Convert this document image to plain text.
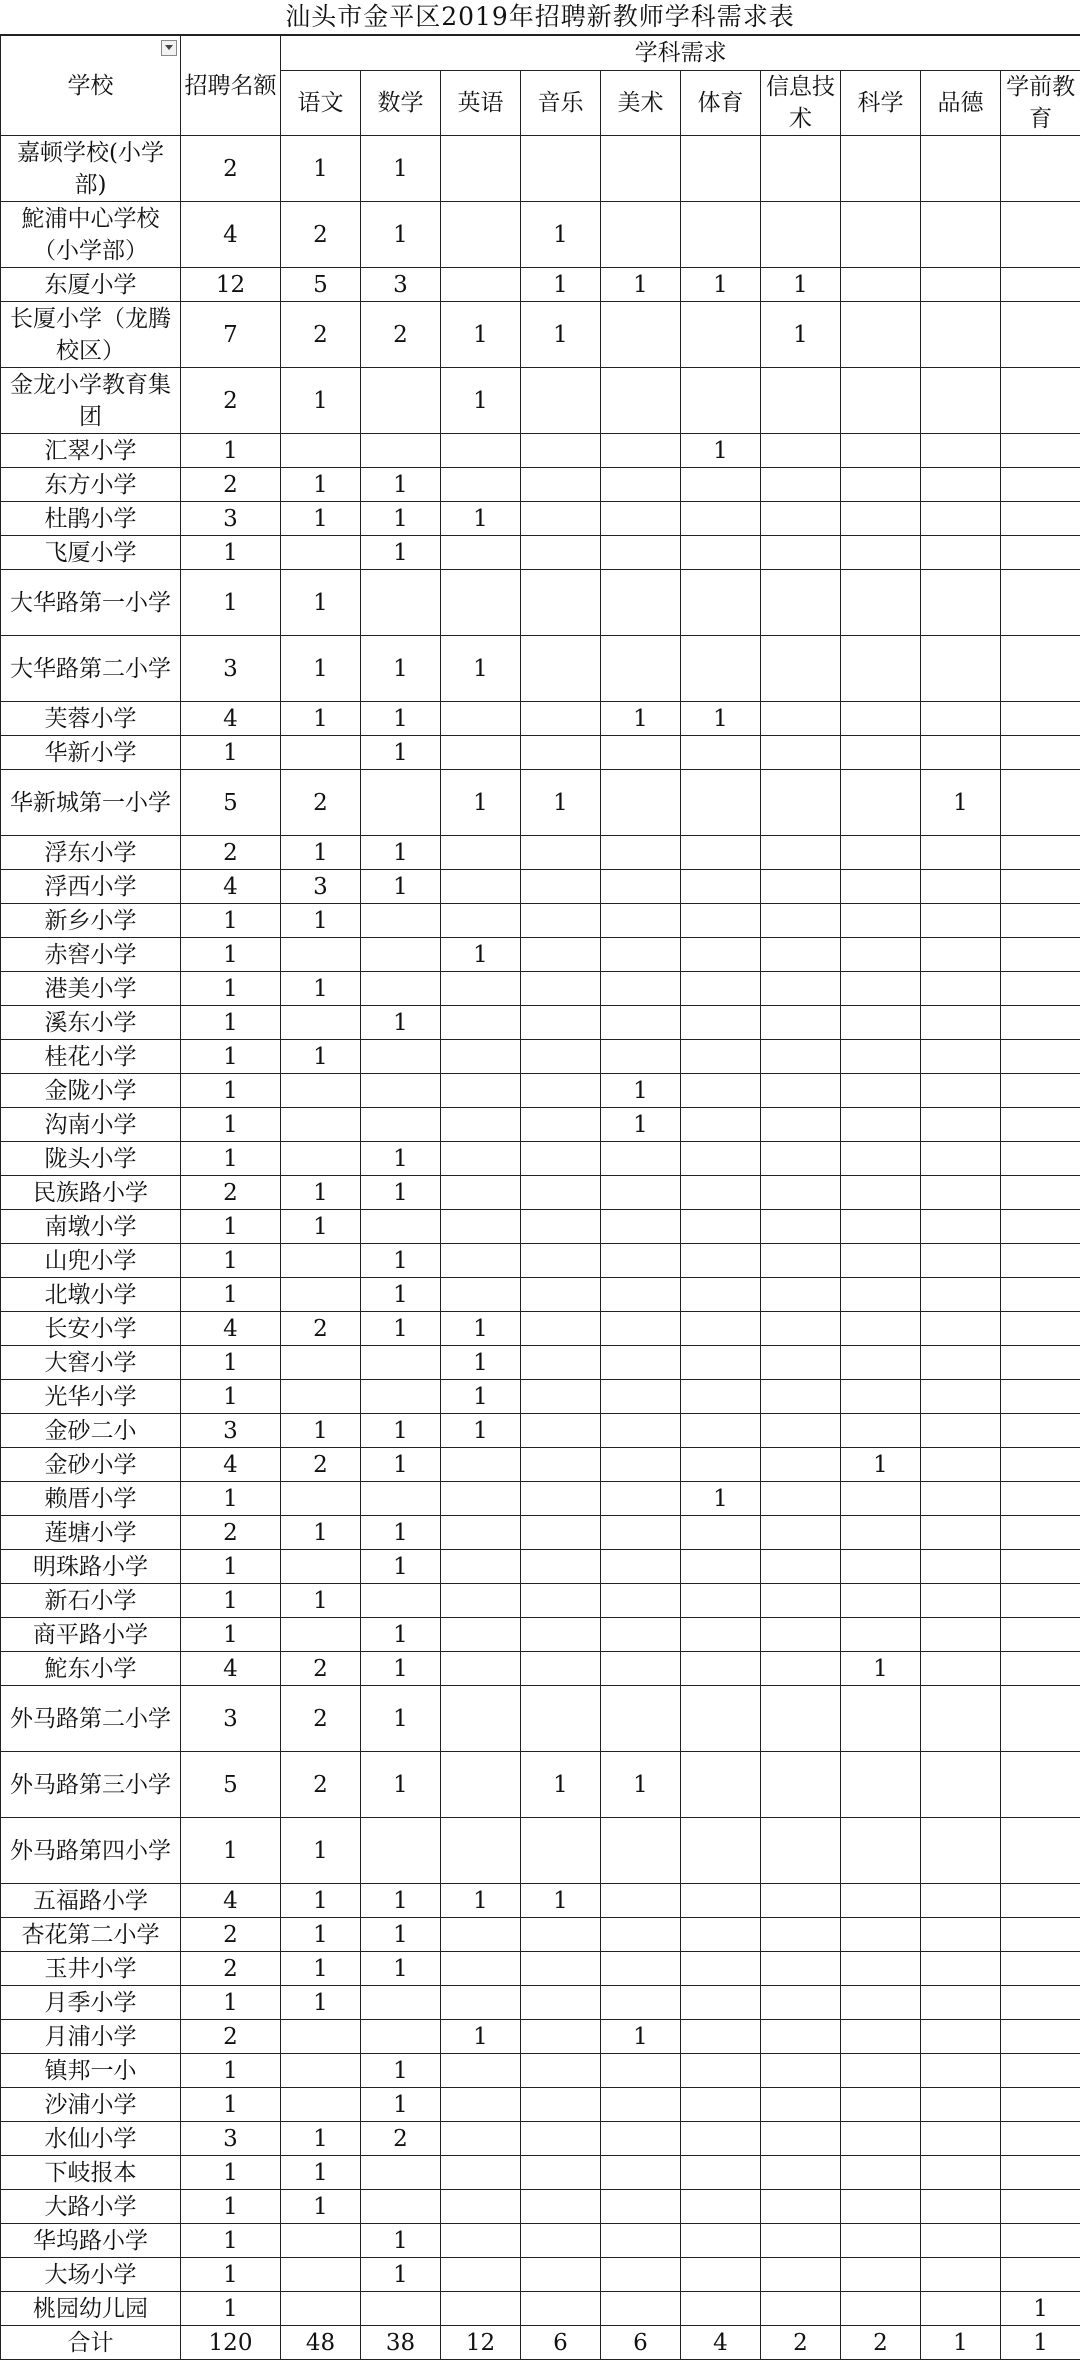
汕头市金平区2019年招聘新教师学科需求表
学校	招聘名额	学科需求									
		语文	数学	英语	音乐	美术	体育	信息技术	科学	品德	学前教育
嘉顿学校(小学部)	2	1	1								
鮀浦中心学校（小学部）	4	2	1		1						
东厦小学	12	5	3		1	1	1	1			
长厦小学（龙腾校区）	7	2	2	1	1			1			
金龙小学教育集团	2	1		1							
汇翠小学	1						1				
东方小学	2	1	1								
杜鹃小学	3	1	1	1							
飞厦小学	1		1								
大华路第一小学	1	1									
大华路第二小学	3	1	1	1							
芙蓉小学	4	1	1			1	1				
华新小学	1		1								
华新城第一小学	5	2		1	1					1	
浮东小学	2	1	1								
浮西小学	4	3	1								
新乡小学	1	1									
赤窖小学	1			1							
港美小学	1	1									
溪东小学	1		1								
桂花小学	1	1									
金陇小学	1					1					
沟南小学	1					1					
陇头小学	1		1								
民族路小学	2	1	1								
南墩小学	1	1									
山兜小学	1		1								
北墩小学	1		1								
长安小学	4	2	1	1							
大窖小学	1			1							
光华小学	1			1							
金砂二小	3	1	1	1							
金砂小学	4	2	1						1		
赖厝小学	1						1				
莲塘小学	2	1	1								
明珠路小学	1		1								
新石小学	1	1									
商平路小学	1		1								
鮀东小学	4	2	1						1		
外马路第二小学	3	2	1								
外马路第三小学	5	2	1		1	1					
外马路第四小学	1	1									
五福路小学	4	1	1	1	1						
杏花第二小学	2	1	1								
玉井小学	2	1	1								
月季小学	1	1									
月浦小学	2			1		1					
镇邦一小	1		1								
沙浦小学	1		1								
水仙小学	3	1	2								
下岐报本	1	1									
大路小学	1	1									
华坞路小学	1		1								
大场小学	1		1								
桃园幼儿园	1										1
合计	120	48	38	12	6	6	4	2	2	1	1
